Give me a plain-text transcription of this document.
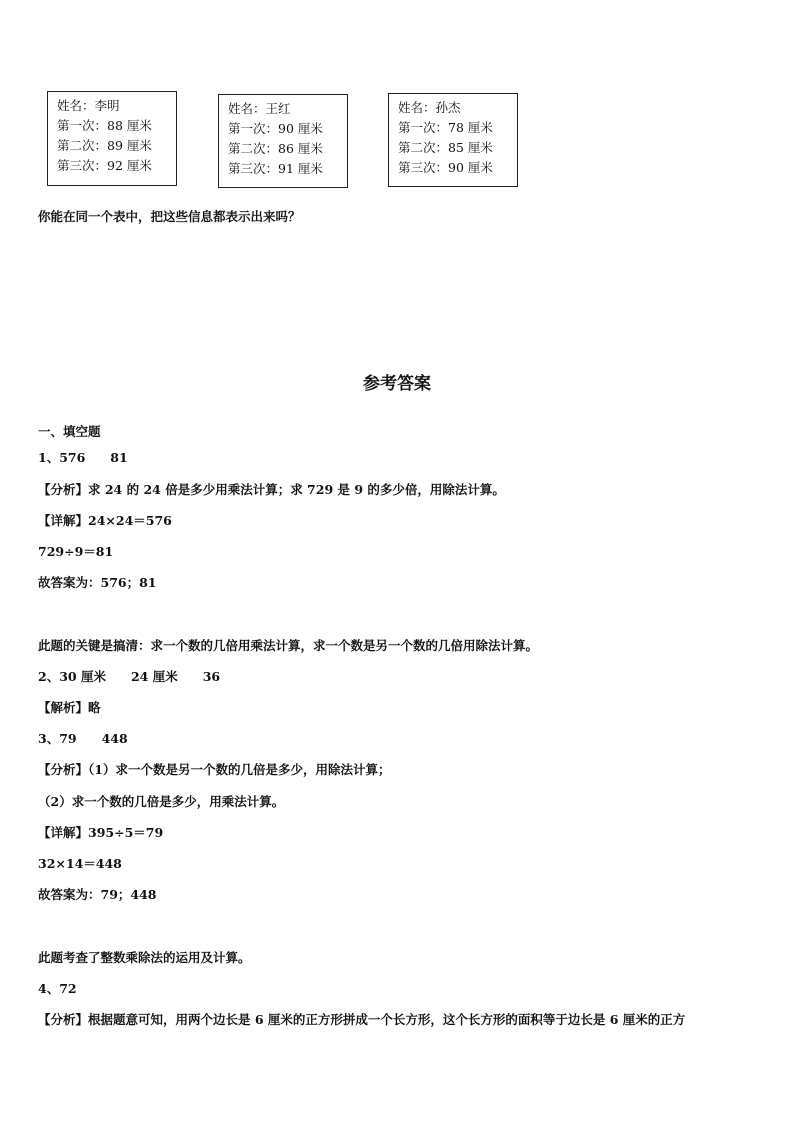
姓名：李明
第一次：88 厘米
第二次：89 厘米
第三次：92 厘米
姓名：王红
第一次：90 厘米
第二次：86 厘米
第三次：91 厘米
姓名：孙杰
第一次：78 厘米
第二次：85 厘米
第三次：90 厘米
你能在同一个表中，把这些信息都表示出来吗？
参考答案
一、填空题
1、576　　81
【分析】求 24 的 24 倍是多少用乘法计算；求 729 是 9 的多少倍，用除法计算。
【详解】24×24＝576
729÷9＝81
故答案为：576；81
此题的关键是搞清：求一个数的几倍用乘法计算，求一个数是另一个数的几倍用除法计算。
2、30 厘米　　24 厘米　　36
【解析】略
3、79　　448
【分析】（1）求一个数是另一个数的几倍是多少，用除法计算；
（2）求一个数的几倍是多少，用乘法计算。
【详解】395÷5＝79
32×14＝448
故答案为：79；448
此题考查了整数乘除法的运用及计算。
4、72
【分析】根据题意可知，用两个边长是 6 厘米的正方形拼成一个长方形，这个长方形的面积等于边长是 6 厘米的正方
